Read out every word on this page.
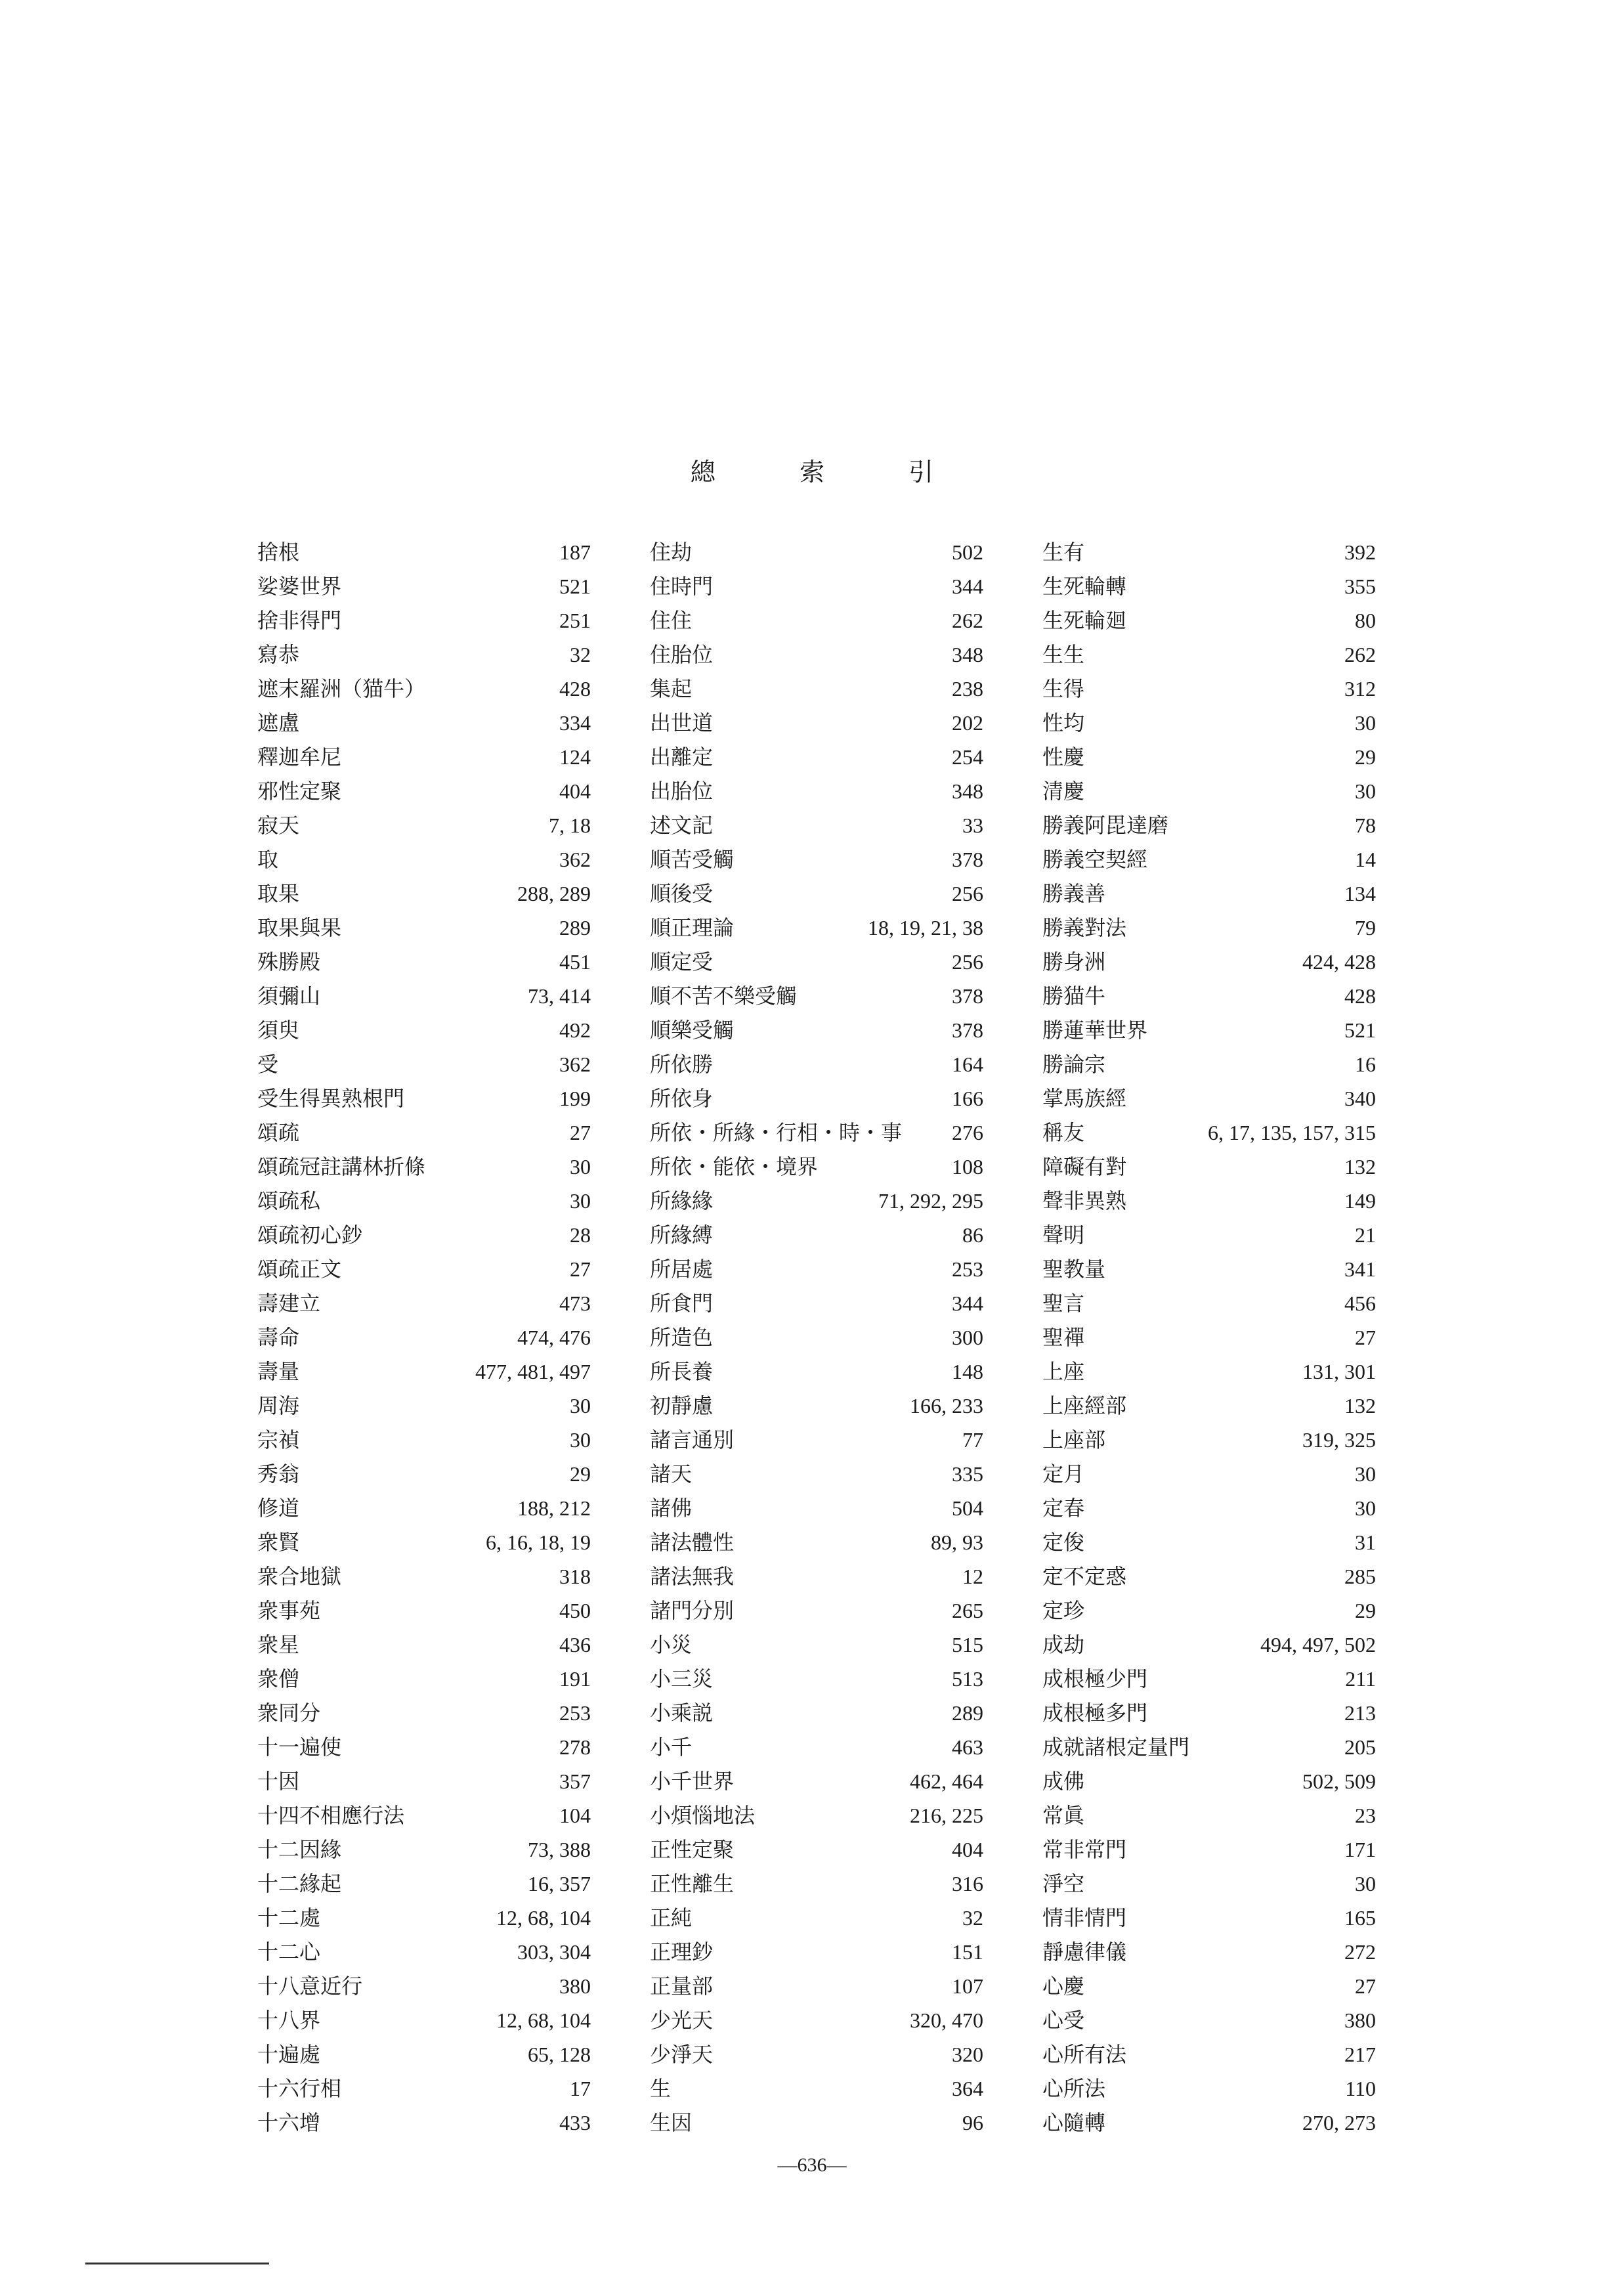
總 索 引
捨根	187
娑婆世界	521
捨非得門	251
寫恭	32
遮末羅洲（猫牛）	428
遮盧	334
釋迦牟尼	124
邪性定聚	404
寂天	7, 18
取	362
取果	288, 289
取果與果	289
殊勝殿	451
須彌山	73, 414
須臾	492
受	362
受生得異熟根門	199
頌疏	27
頌疏冠註講林折條	30
頌疏私	30
頌疏初心鈔	28
頌疏正文	27
壽建立	473
壽命	474, 476
壽量	477, 481, 497
周海	30
宗禎	30
秀翁	29
修道	188, 212
衆賢	6, 16, 18, 19
衆合地獄	318
衆事苑	450
衆星	436
衆僧	191
衆同分	253
十一遍使	278
十因	357
十四不相應行法	104
十二因緣	73, 388
十二緣起	16, 357
十二處	12, 68, 104
十二心	303, 304
十八意近行	380
十八界	12, 68, 104
十遍處	65, 128
十六行相	17
十六增	433
住劫	502
住時門	344
住住	262
住胎位	348
集起	238
出世道	202
出離定	254
出胎位	348
述文記	33
順苦受觸	378
順後受	256
順正理論	18, 19, 21, 38
順定受	256
順不苦不樂受觸	378
順樂受觸	378
所依勝	164
所依身	166
所依・所緣・行相・時・事 276
所依・能依・境界	108
所緣緣	71, 292, 295
所緣縛	86
所居處	253
所食門	344
所造色	300
所長養	148
初靜慮	166, 233
諸言通別	77
諸天	335
諸佛	504
諸法體性	89, 93
諸法無我	12
諸門分別	265
小災	515
小三災	513
小乘説	289
小千	463
小千世界	462, 464
小煩惱地法	216, 225
正性定聚	404
正性離生	316
正純	32
正理鈔	151
正量部	107
少光天	320, 470
少淨天	320
生	364
生因	96
生有	392
生死輪轉	355
生死輪廻	80
生生	262
生得	312
性均	30
性慶	29
清慶	30
勝義阿毘達磨	78
勝義空契經	14
勝義善	134
勝義對法	79
勝身洲	424, 428
勝猫牛	428
勝蓮華世界	521
勝論宗	16
掌馬族經	340
稱友	6, 17, 135, 157, 315
障礙有對	132
聲非異熟	149
聲明	21
聖教量	341
聖言	456
聖禪	27
上座	131, 301
上座經部	132
上座部	319, 325
定月	30
定春	30
定俊	31
定不定惑	285
定珍	29
成劫	494, 497, 502
成根極少門	211
成根極多門	213
成就諸根定量門	205
成佛	502, 509
常眞	23
常非常門	171
淨空	30
情非情門	165
靜慮律儀	272
心慶	27
心受	380
心所有法	217
心所法	110
心隨轉	270, 273
—636—
